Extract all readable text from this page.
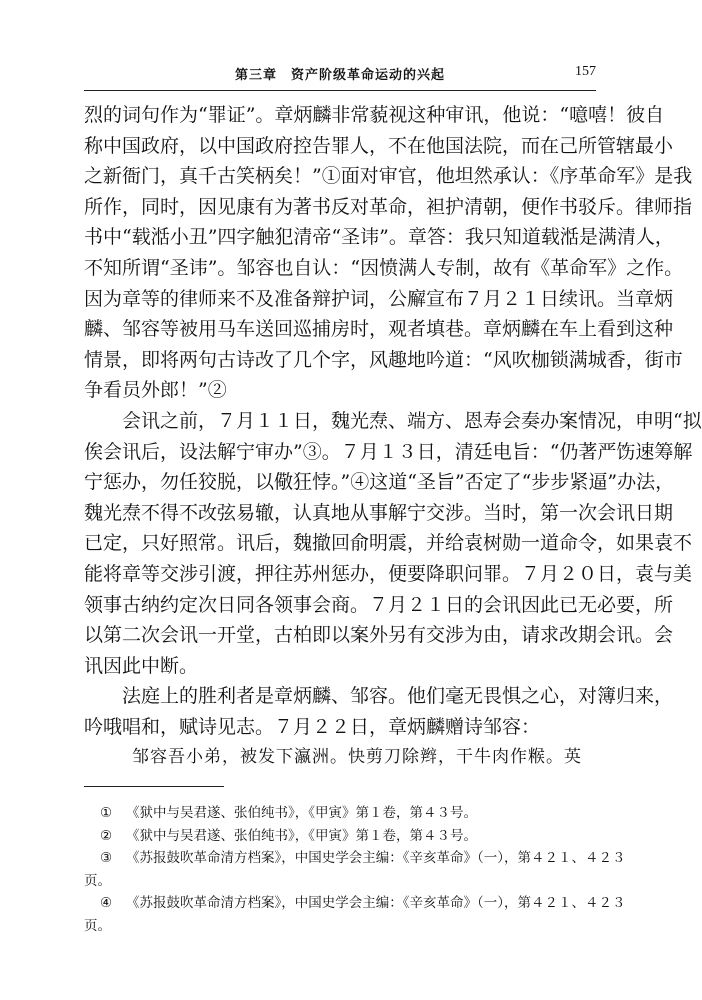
第三章　资产阶级革命运动的兴起	157
烈的词句作为“罪证”。章炳麟非常藐视这种审讯，他说：“噫嘻！彼自
称中国政府，以中国政府控告罪人，不在他国法院，而在己所管辖最小
之新衙门，真千古笑柄矣！”①面对审官，他坦然承认：《序革命军》是我
所作，同时，因见康有为著书反对革命，袒护清朝，便作书驳斥。律师指
书中“载湉小丑”四字触犯清帝“圣讳”。章答：我只知道载湉是满清人，
不知所谓“圣讳”。邹容也自认：“因愤满人专制，故有《革命军》之作。
因为章等的律师来不及准备辩护词，公廨宣布７月２１日续讯。当章炳
麟、邹容等被用马车送回巡捕房时，观者填巷。章炳麟在车上看到这种
情景，即将两句古诗改了几个字，风趣地吟道：“风吹枷锁满城香，街市
争看员外郎！”②
会讯之前，７月１１日，魏光焘、端方、恩寿会奏办案情况，申明“拟
俟会讯后，设法解宁审办”③。７月１３日，清廷电旨：“仍著严饬速筹解
宁惩办，勿任狡脱，以儆狂悖。”④这道“圣旨”否定了“步步紧逼”办法，
魏光焘不得不改弦易辙，认真地从事解宁交涉。当时，第一次会讯日期
已定，只好照常。讯后，魏撤回俞明震，并给袁树勋一道命令，如果袁不
能将章等交涉引渡，押往苏州惩办，便要降职问罪。７月２０日，袁与美
领事古纳约定次日同各领事会商。７月２１日的会讯因此已无必要，所
以第二次会讯一开堂，古柏即以案外另有交涉为由，请求改期会讯。会
讯因此中断。
法庭上的胜利者是章炳麟、邹容。他们毫无畏惧之心，对簿归来，
吟哦唱和，赋诗见志。７月２２日，章炳麟赠诗邹容：
邹容吾小弟，被发下瀛洲。快剪刀除辫，干牛肉作糇。英
① 《狱中与吴君遂、张伯纯书》，《甲寅》第１卷，第４３号。
② 《狱中与吴君遂、张伯纯书》，《甲寅》第１卷，第４３号。
③ 《苏报鼓吹革命清方档案》，中国史学会主编：《辛亥革命》（一），第４２１、４２３
页。
④ 《苏报鼓吹革命清方档案》，中国史学会主编：《辛亥革命》（一），第４２１、４２３
页。
